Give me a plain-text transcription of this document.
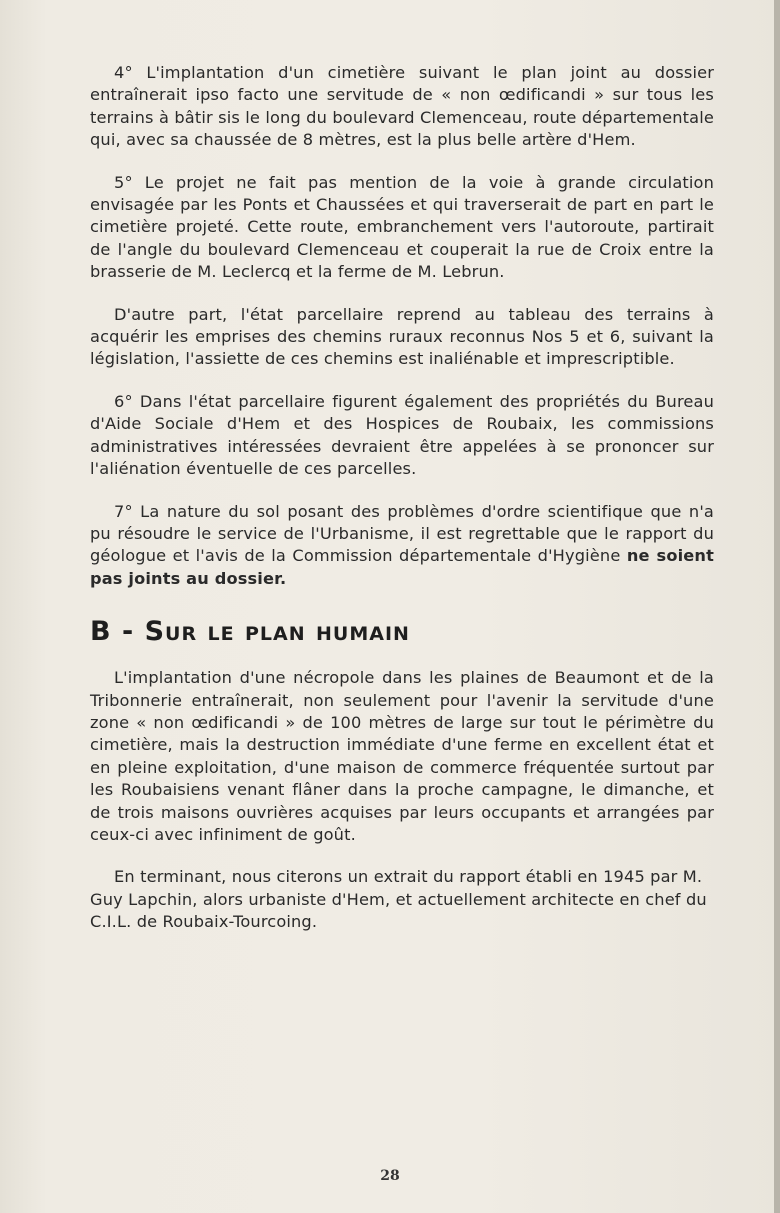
4° L'implantation d'un cimetière suivant le plan joint au dossier entraînerait ipso facto une servitude de « non œdificandi » sur tous les terrains à bâtir sis le long du boulevard Clemenceau, route départementale qui, avec sa chaussée de 8 mètres, est la plus belle artère d'Hem.

5° Le projet ne fait pas mention de la voie à grande circulation envisagée par les Ponts et Chaussées et qui traverserait de part en part le cimetière projeté. Cette route, embranchement vers l'autoroute, partirait de l'angle du boulevard Clemenceau et couperait la rue de Croix entre la brasserie de M. Leclercq et la ferme de M. Lebrun.

D'autre part, l'état parcellaire reprend au tableau des terrains à acquérir les emprises des chemins ruraux reconnus Nos 5 et 6, suivant la législation, l'assiette de ces chemins est inaliénable et imprescriptible.

6° Dans l'état parcellaire figurent également des propriétés du Bureau d'Aide Sociale d'Hem et des Hospices de Roubaix, les commissions administratives intéressées devraient être appelées à se prononcer sur l'aliénation éventuelle de ces parcelles.

7° La nature du sol posant des problèmes d'ordre scientifique que n'a pu résoudre le service de l'Urbanisme, il est regrettable que le rapport du géologue et l'avis de la Commission départementale d'Hygiène ne soient pas joints au dossier.

B - Sur le plan humain

L'implantation d'une nécropole dans les plaines de Beaumont et de la Tribonnerie entraînerait, non seulement pour l'avenir la servitude d'une zone « non œdificandi » de 100 mètres de large sur tout le périmètre du cimetière, mais la destruction immédiate d'une ferme en excellent état et en pleine exploitation, d'une maison de commerce fréquentée surtout par les Roubaisiens venant flâner dans la proche campagne, le dimanche, et de trois maisons ouvrières acquises par leurs occupants et arrangées par ceux-ci avec infiniment de goût.

En terminant, nous citerons un extrait du rapport établi en 1945 par M. Guy Lapchin, alors urbaniste d'Hem, et actuellement architecte en chef du C.I.L. de Roubaix-Tourcoing.

28
